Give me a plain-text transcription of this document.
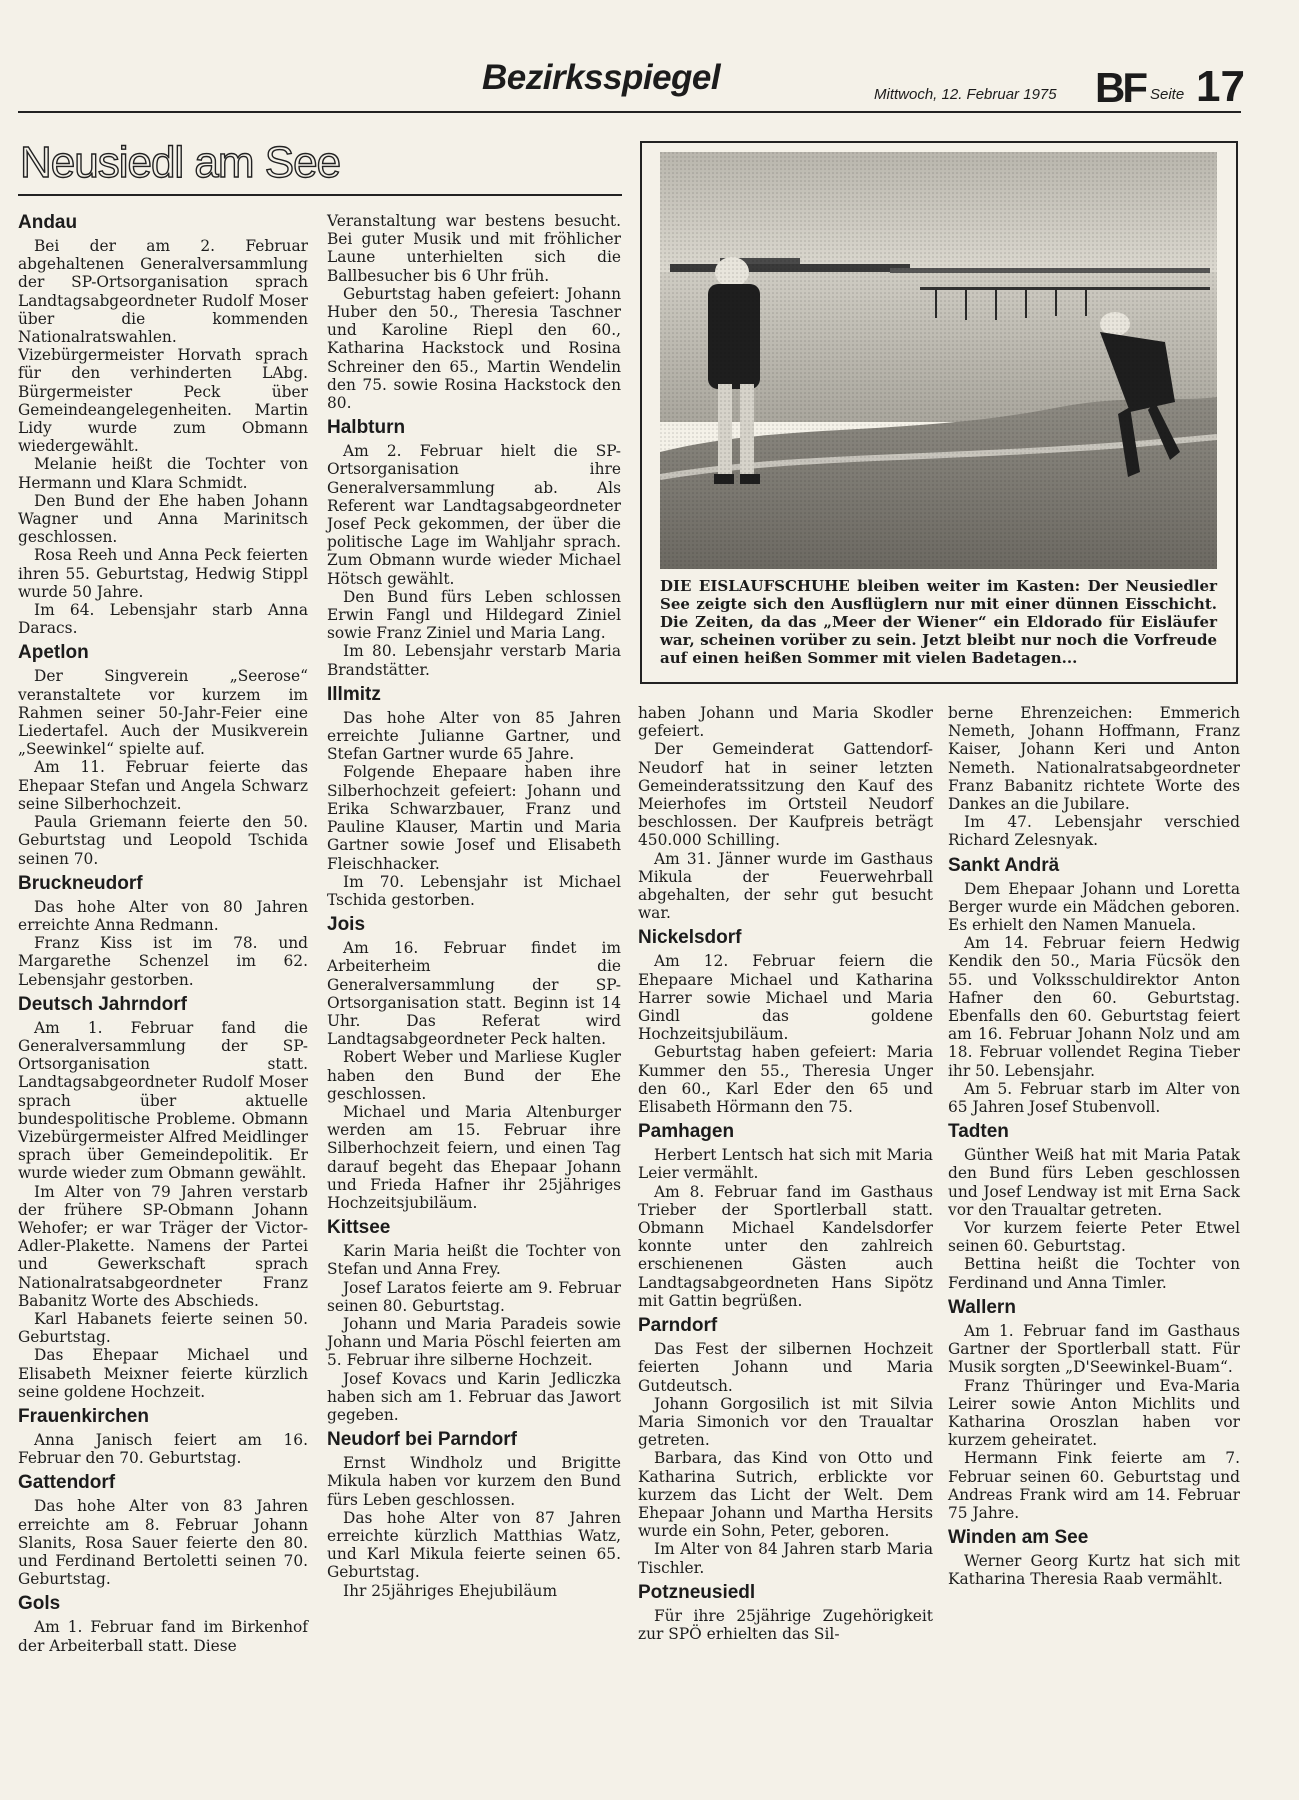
Bezirksspiegel	Mittwoch, 12. Februar 1975 BF Seite 17
Neusiedl am See
DIE EISLAUFSCHUHE bleiben weiter im Kasten: Der Neusiedler See zeigte sich den Ausflüglern nur mit einer dünnen Eisschicht. Die Zeiten, da das „Meer der Wiener“ ein Eldorado für Eisläufer war, scheinen vorüber zu sein. Jetzt bleibt nur noch die Vorfreude auf einen heißen Sommer mit vielen Badetagen...
Andau

Bei der am 2. Februar abgehaltenen Generalversammlung der SP-Ortsorganisation sprach Landtagsabgeordneter Rudolf Moser über die kommenden Nationalratswahlen. Vizebürgermeister Horvath sprach für den verhinderten LAbg. Bürgermeister Peck über Gemeindeangelegenheiten. Martin Lidy wurde zum Obmann wiedergewählt.

Melanie heißt die Tochter von Hermann und Klara Schmidt.

Den Bund der Ehe haben Johann Wagner und Anna Marinitsch geschlossen.

Rosa Reeh und Anna Peck feierten ihren 55. Geburtstag, Hedwig Stippl wurde 50 Jahre.

Im 64. Lebensjahr starb Anna Daracs.

Apetlon

Der Singverein „Seerose“ veranstaltete vor kurzem im Rahmen seiner 50-Jahr-Feier eine Liedertafel. Auch der Musikverein „Seewinkel“ spielte auf.

Am 11. Februar feierte das Ehepaar Stefan und Angela Schwarz seine Silberhochzeit.

Paula Griemann feierte den 50. Geburtstag und Leopold Tschida seinen 70.

Bruckneudorf

Das hohe Alter von 80 Jahren erreichte Anna Redmann.

Franz Kiss ist im 78. und Margarethe Schenzel im 62. Lebensjahr gestorben.

Deutsch Jahrndorf

Am 1. Februar fand die Generalversammlung der SP-Ortsorganisation statt. Landtagsabgeordneter Rudolf Moser sprach über aktuelle bundespolitische Probleme. Obmann Vizebürgermeister Alfred Meidlinger sprach über Gemeindepolitik. Er wurde wieder zum Obmann gewählt.

Im Alter von 79 Jahren verstarb der frühere SP-Obmann Johann Wehofer; er war Träger der Victor-Adler-Plakette. Namens der Partei und Gewerkschaft sprach Nationalratsabgeordneter Franz Babanitz Worte des Abschieds.

Karl Habanets feierte seinen 50. Geburtstag.

Das Ehepaar Michael und Elisabeth Meixner feierte kürzlich seine goldene Hochzeit.

Frauenkirchen

Anna Janisch feiert am 16. Februar den 70. Geburtstag.

Gattendorf

Das hohe Alter von 83 Jahren erreichte am 8. Februar Johann Slanits, Rosa Sauer feierte den 80. und Ferdinand Bertoletti seinen 70. Geburtstag.

Gols

Am 1. Februar fand im Birkenhof der Arbeiterball statt. Diese

Veranstaltung war bestens besucht. Bei guter Musik und mit fröhlicher Laune unterhielten sich die Ballbesucher bis 6 Uhr früh.

Geburtstag haben gefeiert: Johann Huber den 50., Theresia Taschner und Karoline Riepl den 60., Katharina Hackstock und Rosina Schreiner den 65., Martin Wendelin den 75. sowie Rosina Hackstock den 80.

Halbturn

Am 2. Februar hielt die SP-Ortsorganisation ihre Generalversammlung ab. Als Referent war Landtagsabgeordneter Josef Peck gekommen, der über die politische Lage im Wahljahr sprach. Zum Obmann wurde wieder Michael Hötsch gewählt.

Den Bund fürs Leben schlossen Erwin Fangl und Hildegard Ziniel sowie Franz Ziniel und Maria Lang.

Im 80. Lebensjahr verstarb Maria Brandstätter.

Illmitz

Das hohe Alter von 85 Jahren erreichte Julianne Gartner, und Stefan Gartner wurde 65 Jahre.

Folgende Ehepaare haben ihre Silberhochzeit gefeiert: Johann und Erika Schwarzbauer, Franz und Pauline Klauser, Martin und Maria Gartner sowie Josef und Elisabeth Fleischhacker.

Im 70. Lebensjahr ist Michael Tschida gestorben.

Jois

Am 16. Februar findet im Arbeiterheim die Generalversammlung der SP-Ortsorganisation statt. Beginn ist 14 Uhr. Das Referat wird Landtagsabgeordneter Peck halten.

Robert Weber und Marliese Kugler haben den Bund der Ehe geschlossen.

Michael und Maria Altenburger werden am 15. Februar ihre Silberhochzeit feiern, und einen Tag darauf begeht das Ehepaar Johann und Frieda Hafner ihr 25jähriges Hochzeitsjubiläum.

Kittsee

Karin Maria heißt die Tochter von Stefan und Anna Frey.

Josef Laratos feierte am 9. Februar seinen 80. Geburtstag.

Johann und Maria Paradeis sowie Johann und Maria Pöschl feierten am 5. Februar ihre silberne Hochzeit.

Josef Kovacs und Karin Jedliczka haben sich am 1. Februar das Jawort gegeben.

Neudorf bei Parndorf

Ernst Windholz und Brigitte Mikula haben vor kurzem den Bund fürs Leben geschlossen.

Das hohe Alter von 87 Jahren erreichte kürzlich Matthias Watz, und Karl Mikula feierte seinen 65. Geburtstag.

Ihr 25jähriges Ehejubiläum

haben Johann und Maria Skodler gefeiert.

Der Gemeinderat Gattendorf-Neudorf hat in seiner letzten Gemeinderatssitzung den Kauf des Meierhofes im Ortsteil Neudorf beschlossen. Der Kaufpreis beträgt 450.000 Schilling.

Am 31. Jänner wurde im Gasthaus Mikula der Feuerwehrball abgehalten, der sehr gut besucht war.

Nickelsdorf

Am 12. Februar feiern die Ehepaare Michael und Katharina Harrer sowie Michael und Maria Gindl das goldene Hochzeitsjubiläum.

Geburtstag haben gefeiert: Maria Kummer den 55., Theresia Unger den 60., Karl Eder den 65 und Elisabeth Hörmann den 75.

Pamhagen

Herbert Lentsch hat sich mit Maria Leier vermählt.

Am 8. Februar fand im Gasthaus Trieber der Sportlerball statt. Obmann Michael Kandelsdorfer konnte unter den zahlreich erschienenen Gästen auch Landtagsabgeordneten Hans Sipötz mit Gattin begrüßen.

Parndorf

Das Fest der silbernen Hochzeit feierten Johann und Maria Gutdeutsch.

Johann Gorgosilich ist mit Silvia Maria Simonich vor den Traualtar getreten.

Barbara, das Kind von Otto und Katharina Sutrich, erblickte vor kurzem das Licht der Welt. Dem Ehepaar Johann und Martha Hersits wurde ein Sohn, Peter, geboren.

Im Alter von 84 Jahren starb Maria Tischler.

Potzneusiedl

Für ihre 25jährige Zugehörigkeit zur SPÖ erhielten das Sil-

berne Ehrenzeichen: Emmerich Nemeth, Johann Hoffmann, Franz Kaiser, Johann Keri und Anton Nemeth. Nationalratsabgeordneter Franz Babanitz richtete Worte des Dankes an die Jubilare.

Im 47. Lebensjahr verschied Richard Zelesnyak.

Sankt Andrä

Dem Ehepaar Johann und Loretta Berger wurde ein Mädchen geboren. Es erhielt den Namen Manuela.

Am 14. Februar feiern Hedwig Kendik den 50., Maria Fücsök den 55. und Volksschuldirektor Anton Hafner den 60. Geburtstag. Ebenfalls den 60. Geburtstag feiert am 16. Februar Johann Nolz und am 18. Februar vollendet Regina Tieber ihr 50. Lebensjahr.

Am 5. Februar starb im Alter von 65 Jahren Josef Stubenvoll.

Tadten

Günther Weiß hat mit Maria Patak den Bund fürs Leben geschlossen und Josef Lendway ist mit Erna Sack vor den Traualtar getreten.

Vor kurzem feierte Peter Etwel seinen 60. Geburtstag.

Bettina heißt die Tochter von Ferdinand und Anna Timler.

Wallern

Am 1. Februar fand im Gasthaus Gartner der Sportlerball statt. Für Musik sorgten „D'Seewinkel-Buam“.

Franz Thüringer und Eva-Maria Leirer sowie Anton Michlits und Katharina Oroszlan haben vor kurzem geheiratet.

Hermann Fink feierte am 7. Februar seinen 60. Geburtstag und Andreas Frank wird am 14. Februar 75 Jahre.

Winden am See

Werner Georg Kurtz hat sich mit Katharina Theresia Raab vermählt.
